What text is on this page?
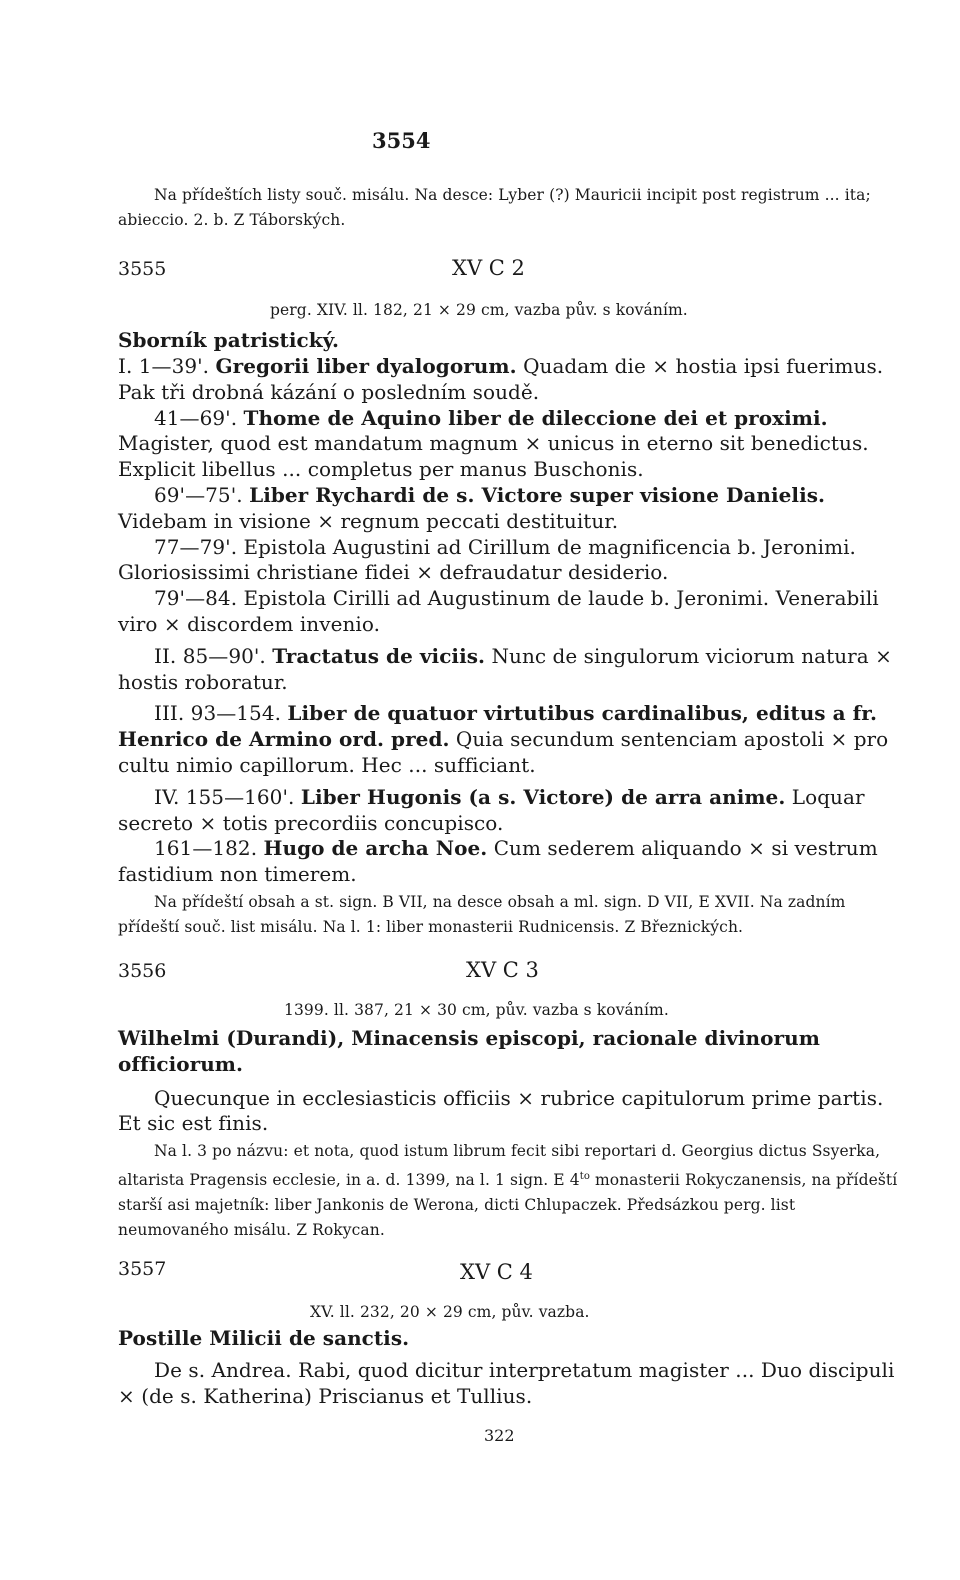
3554

Na přídeštích listy souč. misálu. Na desce: Lyber (?) Mauricii incipit post registrum ... ita; abieccio. 2. b. Z Táborských.

3555	XV C 2
perg. XIV. ll. 182, 21 × 29 cm, vazba pův. s kováním.
Sborník patristický.

I. 1—39'. Gregorii liber dyalogorum. Quadam die × hostia ipsi fuerimus. Pak tři drobná kázání o posledním soudě.

41—69'. Thome de Aquino liber de dileccione dei et proximi. Magister, quod est mandatum magnum × unicus in eterno sit benedictus. Explicit libellus ... completus per manus Buschonis.

69'—75'. Liber Rychardi de s. Victore super visione Danielis. Videbam in visione × regnum peccati destituitur.

77—79'. Epistola Augustini ad Cirillum de magnificencia b. Jeronimi. Gloriosissimi christiane fidei × defraudatur desiderio.

79'—84. Epistola Cirilli ad Augustinum de laude b. Jeronimi. Venerabili viro × discordem invenio.

II. 85—90'. Tractatus de viciis. Nunc de singulorum viciorum natura × hostis roboratur.

III. 93—154. Liber de quatuor virtutibus cardinalibus, editus a fr. Henrico de Armino ord. pred. Quia secundum sentenciam apostoli × pro cultu nimio capillorum. Hec ... sufficiant.

IV. 155—160'. Liber Hugonis (a s. Victore) de arra anime. Loquar secreto × totis precordiis concupisco.

161—182. Hugo de archa Noe. Cum sederem aliquando × si vestrum fastidium non timerem.

Na přídeští obsah a st. sign. B VII, na desce obsah a ml. sign. D VII, E XVII. Na zadním přídeští souč. list misálu. Na l. 1: liber monasterii Rudnicensis. Z Březnických.

3556	XV C 3
1399. ll. 387, 21 × 30 cm, pův. vazba s kováním.

Wilhelmi (Durandi), Minacensis episcopi, racionale divinorum officiorum.

Quecunque in ecclesiasticis officiis × rubrice capitulorum prime partis. Et sic est finis.

Na l. 3 po názvu: et nota, quod istum librum fecit sibi reportari d. Georgius dictus Ssyerka, altarista Pragensis ecclesie, in a. d. 1399, na l. 1 sign. E $4^{to}$ monasterii Rokyczanensis, na přídeští starší asi majetník: liber Jankonis de Werona, dicti Chlupaczek. Předsázkou perg. list neumovaného misálu. Z Rokycan.

3557	XV C 4
XV. ll. 232, 20 × 29 cm, pův. vazba.

Postille Milicii de sanctis.

De s. Andrea. Rabi, quod dicitur interpretatum magister ... Duo discipuli × (de s. Katherina) Priscianus et Tullius.

322
